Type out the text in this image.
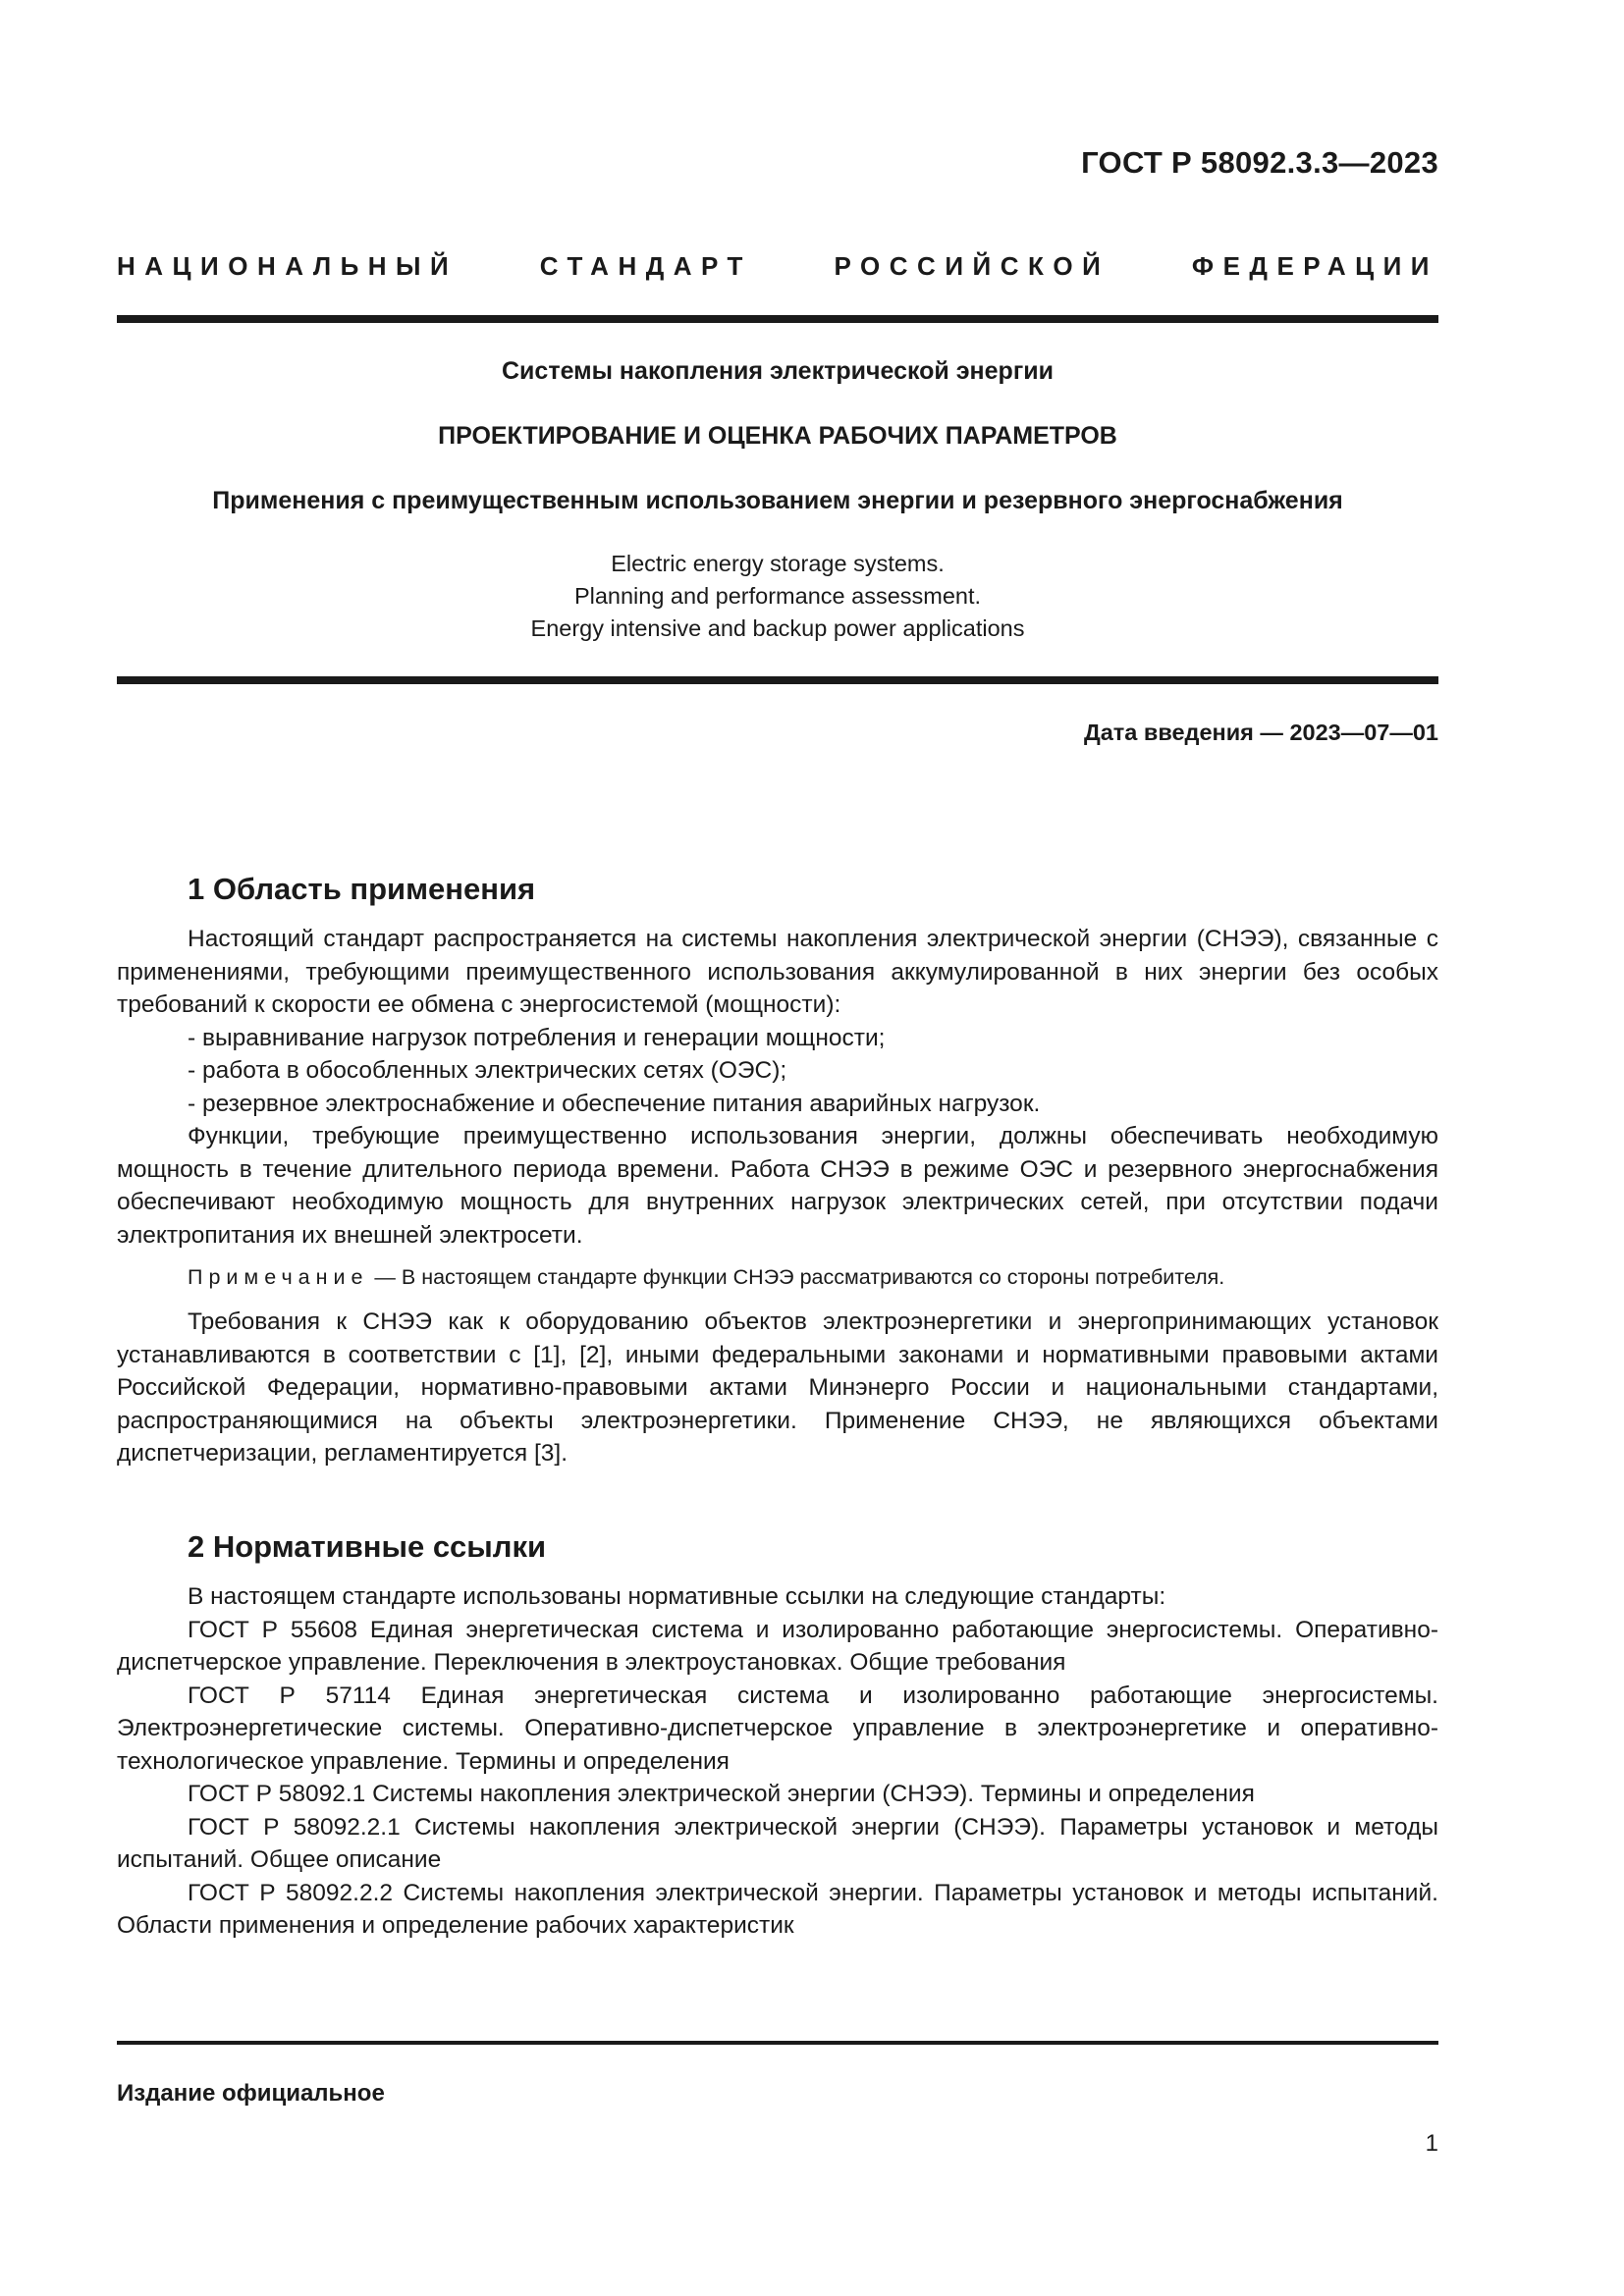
ГОСТ Р 58092.3.3—2023
НАЦИОНАЛЬНЫЙ СТАНДАРТ РОССИЙСКОЙ ФЕДЕРАЦИИ
Системы накопления электрической энергии
ПРОЕКТИРОВАНИЕ И ОЦЕНКА РАБОЧИХ ПАРАМЕТРОВ
Применения с преимущественным использованием энергии и резервного энергоснабжения
Electric energy storage systems.
Planning and performance assessment.
Energy intensive and backup power applications
Дата введения — 2023—07—01
1 Область применения

Настоящий стандарт распространяется на системы накопления электрической энергии (СНЭЭ), связанные с применениями, требующими преимущественного использования аккумулированной в них энергии без особых требований к скорости ее обмена с энергосистемой (мощности):

- выравнивание нагрузок потребления и генерации мощности;

- работа в обособленных электрических сетях (ОЭС);

- резервное электроснабжение и обеспечение питания аварийных нагрузок.

Функции, требующие преимущественно использования энергии, должны обеспечивать необходимую мощность в течение длительного периода времени. Работа СНЭЭ в режиме ОЭС и резервного энергоснабжения обеспечивают необходимую мощность для внутренних нагрузок электрических сетей, при отсутствии подачи электропитания их внешней электросети.

Примечание — В настоящем стандарте функции СНЭЭ рассматриваются со стороны потребителя.

Требования к СНЭЭ как к оборудованию объектов электроэнергетики и энергопринимающих установок устанавливаются в соответствии с [1], [2], иными федеральными законами и нормативными правовыми актами Российской Федерации, нормативно-правовыми актами Минэнерго России и национальными стандартами, распространяющимися на объекты электроэнергетики. Применение СНЭЭ, не являющихся объектами диспетчеризации, регламентируется [3].

2 Нормативные ссылки

В настоящем стандарте использованы нормативные ссылки на следующие стандарты:

ГОСТ Р 55608 Единая энергетическая система и изолированно работающие энергосистемы. Оперативно-диспетчерское управление. Переключения в электроустановках. Общие требования

ГОСТ Р 57114 Единая энергетическая система и изолированно работающие энергосистемы. Электроэнергетические системы. Оперативно-диспетчерское управление в электроэнергетике и оперативно-технологическое управление. Термины и определения

ГОСТ Р 58092.1 Системы накопления электрической энергии (СНЭЭ). Термины и определения

ГОСТ Р 58092.2.1 Системы накопления электрической энергии (СНЭЭ). Параметры установок и методы испытаний. Общее описание

ГОСТ Р 58092.2.2 Системы накопления электрической энергии. Параметры установок и методы испытаний. Области применения и определение рабочих характеристик

Издание официальное
1
